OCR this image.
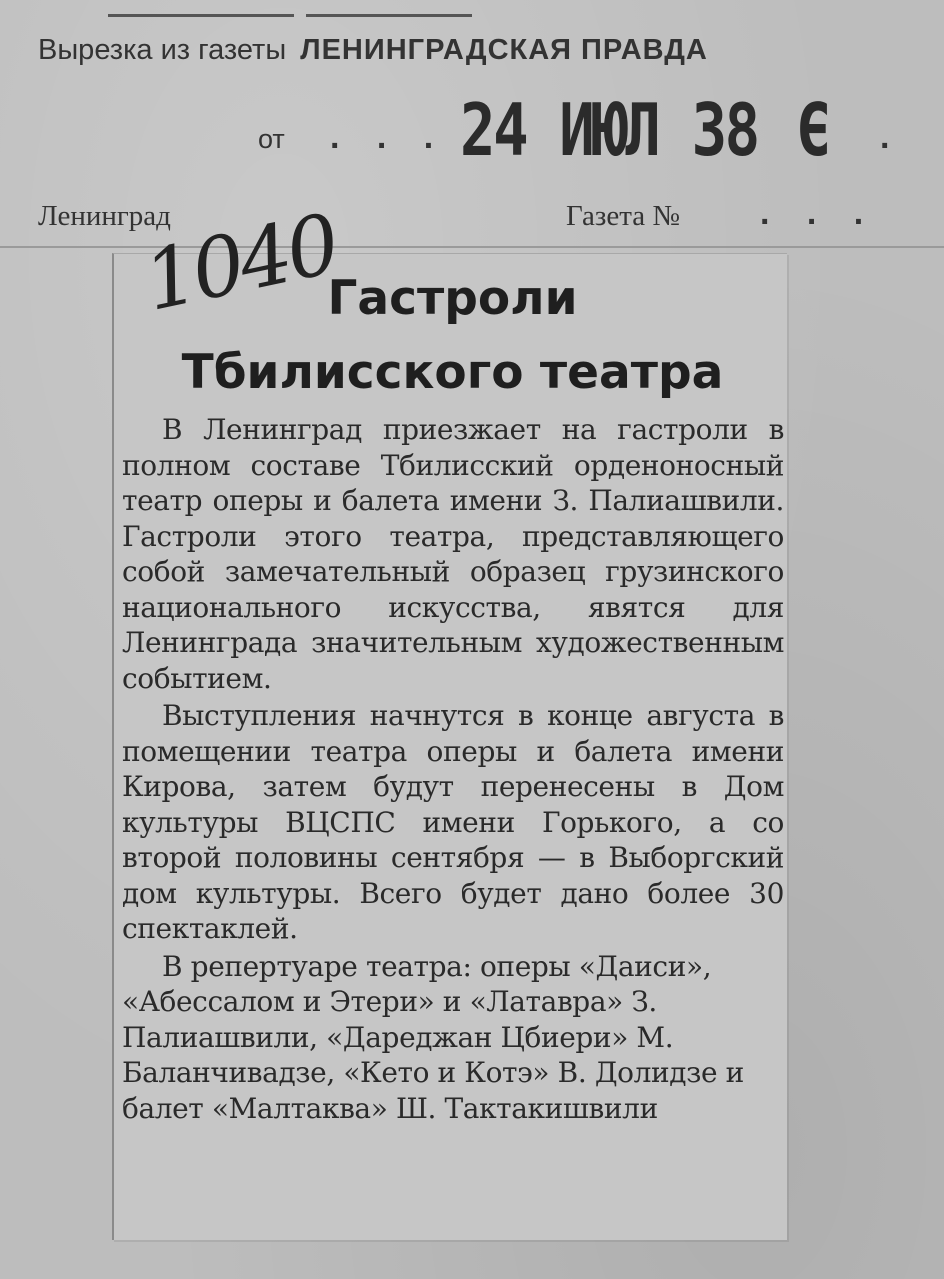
Вырезка из газеты ЛЕНИНГРАДСКАЯ ПРАВДА
от . . . 24 ИЮЛ 38 Є .
Ленинград	Газета № . . .
Гастроли
Тбилисского театра
1040

В Ленинград приезжает на гастроли в полном составе Тбилисский орденоносный театр оперы и балета имени З. Палиашвили. Гастроли этого театра, представляющего собой замечательный образец грузинского национального искусства, явятся для Ленинграда значительным художественным событием.

Выступления начнутся в конце августа в помещении театра оперы и балета имени Кирова, затем будут перенесены в Дом культуры ВЦСПС имени Горького, а со второй половины сентября — в Выборгский дом культуры. Всего будет дано более 30 спектаклей.

В репертуаре театра: оперы «Даиси», «Абессалом и Этери» и «Латавра» З. Палиашвили, «Дареджан Цбиери» М. Баланчивадзе, «Кето и Котэ» В. Долидзе и балет «Малтаква» Ш. Тактакишвили
